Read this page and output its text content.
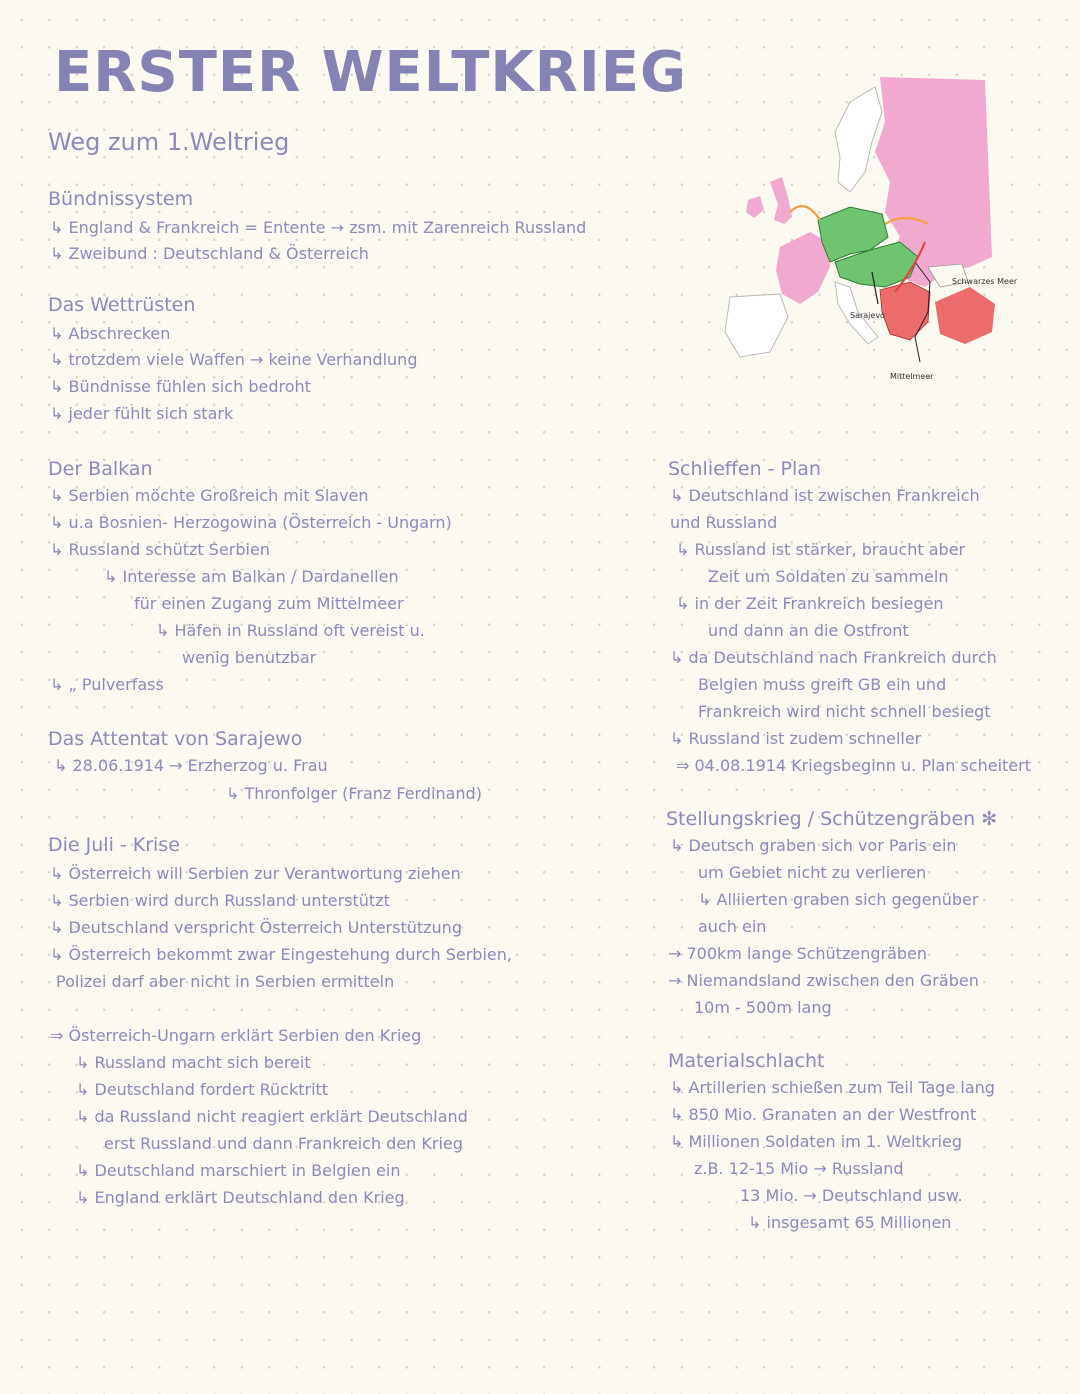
ERSTER WELTKRIEG
Weg zum 1.Weltrieg
Schwarzes Meer
Sarajevo
Mittelmeer
Bündnissystem
↳ England & Frankreich = Entente → zsm. mit Zarenreich Russland
↳ Zweibund : Deutschland & Österreich
Das Wettrüsten
↳ Abschrecken
↳ trotzdem viele Waffen → keine Verhandlung
↳ Bündnisse fühlen sich bedroht
↳ jeder fühlt sich stark
Der Balkan
↳ Serbien möchte Großreich mit Slaven
↳ u.a Bosnien- Herzogowina (Österreich - Ungarn)
↳ Russland schützt Serbien
↳ Interesse am Balkan / Dardanellen
für einen Zugang zum Mittelmeer
↳ Häfen in Russland oft vereist u.
wenig benutzbar
↳ „ Pulverfass
Das Attentat von Sarajewo
↳ 28.06.1914 → Erzherzog u. Frau
↳ Thronfolger (Franz Ferdinand)
Die Juli - Krise
↳ Österreich will Serbien zur Verantwortung ziehen
↳ Serbien wird durch Russland unterstützt
↳ Deutschland verspricht Österreich Unterstützung
↳ Österreich bekommt zwar Eingestehung durch Serbien,
Polizei darf aber nicht in Serbien ermitteln
⇒ Österreich-Ungarn erklärt Serbien den Krieg
↳ Russland macht sich bereit
↳ Deutschland fordert Rücktritt
↳ da Russland nicht reagiert erklärt Deutschland
erst Russland und dann Frankreich den Krieg
↳ Deutschland marschiert in Belgien ein
↳ England erklärt Deutschland den Krieg
Schlieffen - Plan
↳ Deutschland ist zwischen Frankreich
und Russland
↳ Russland ist stärker, braucht aber
Zeit um Soldaten zu sammeln
↳ in der Zeit Frankreich besiegen
und dann an die Ostfront
↳ da Deutschland nach Frankreich durch
Belgien muss greift GB ein und
Frankreich wird nicht schnell besiegt
↳ Russland ist zudem schneller
⇒ 04.08.1914 Kriegsbeginn u. Plan scheitert
Stellungskrieg / Schützengräben ✻
↳ Deutsch graben sich vor Paris ein
um Gebiet nicht zu verlieren
↳ Alliierten graben sich gegenüber
auch ein
→ 700km lange Schützengräben
→ Niemandsland zwischen den Gräben
10m - 500m lang
Materialschlacht
↳ Artillerien schießen zum Teil Tage lang
↳ 850 Mio. Granaten an der Westfront
↳ Millionen Soldaten im 1. Weltkrieg
z.B. 12-15 Mio → Russland
13 Mio. → Deutschland usw.
↳ insgesamt 65 Millionen
